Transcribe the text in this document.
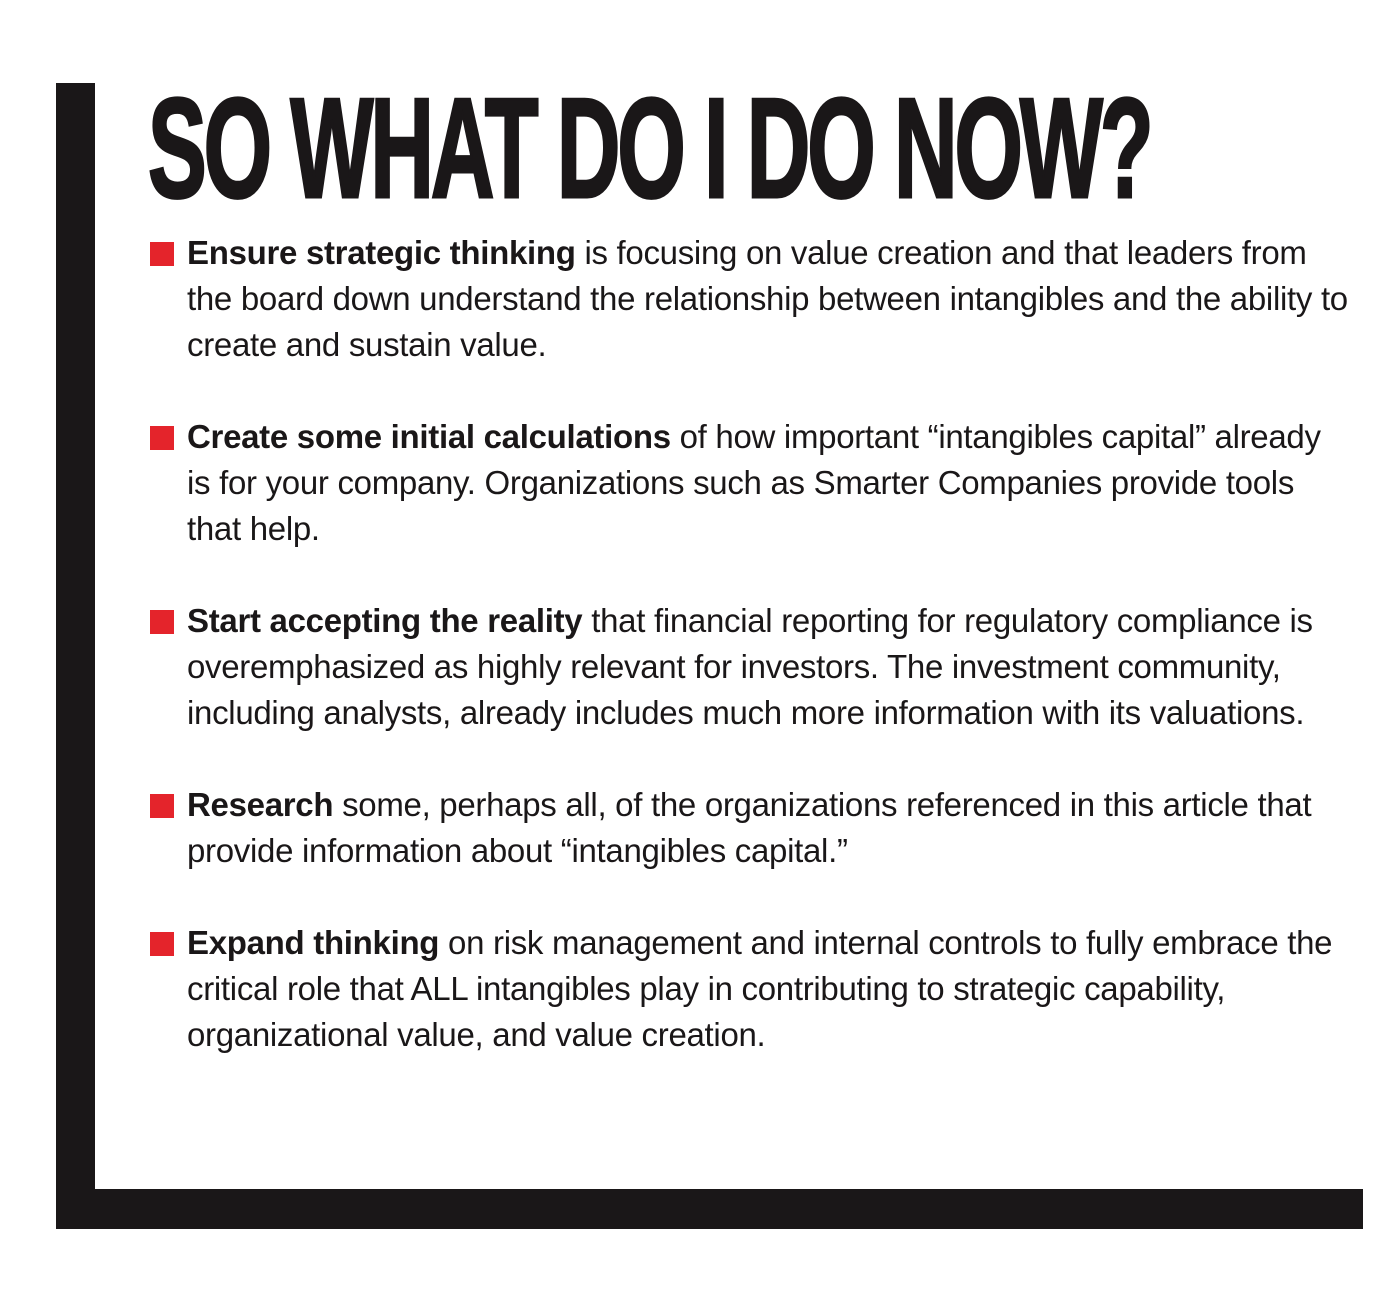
SO WHAT DO I DO NOW?
Ensure strategic thinking is focusing on value creation and that leaders from the board down understand the relationship between intangibles and the ability to create and sustain value.
Create some initial calculations of how important “intangibles capital” already is for your company. Organizations such as Smarter Companies provide tools that help.
Start accepting the reality that financial reporting for regulatory compliance is overemphasized as highly relevant for investors. The investment community, including analysts, already includes much more information with its valuations.
Research some, perhaps all, of the organizations referenced in this article that provide information about “intangibles capital.”
Expand thinking on risk management and internal controls to fully embrace the critical role that ALL intangibles play in contributing to strategic capability, organizational value, and value creation.
